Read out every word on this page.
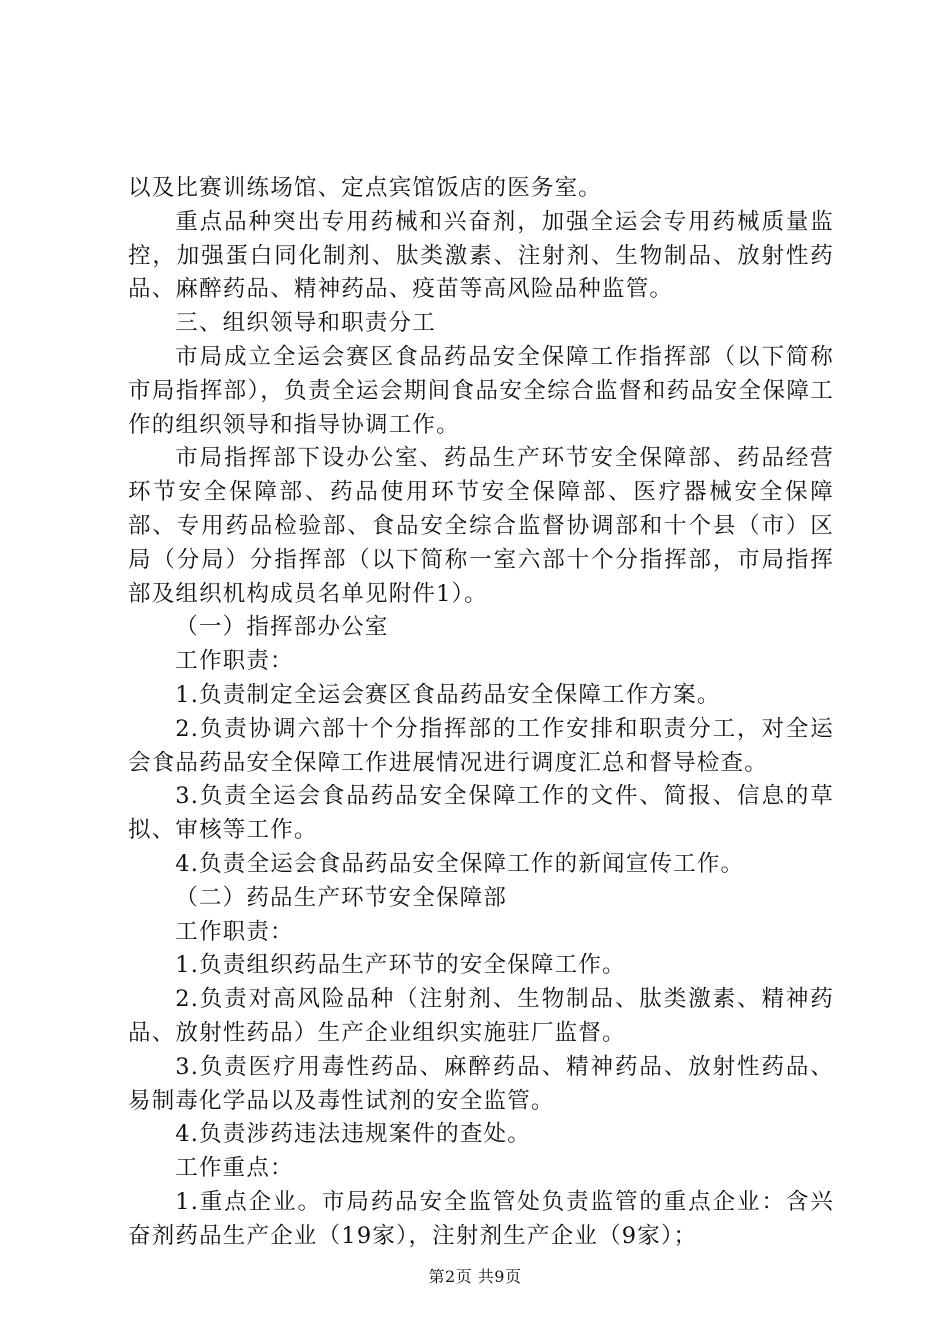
以及比赛训练场馆、定点宾馆饭店的医务室。

重点品种突出专用药械和兴奋剂，加强全运会专用药械质量监控，加强蛋白同化制剂、肽类激素、注射剂、生物制品、放射性药品、麻醉药品、精神药品、疫苗等高风险品种监管。

三、组织领导和职责分工

市局成立全运会赛区食品药品安全保障工作指挥部（以下简称市局指挥部），负责全运会期间食品安全综合监督和药品安全保障工作的组织领导和指导协调工作。

市局指挥部下设办公室、药品生产环节安全保障部、药品经营环节安全保障部、药品使用环节安全保障部、医疗器械安全保障部、专用药品检验部、食品安全综合监督协调部和十个县（市）区局（分局）分指挥部（以下简称一室六部十个分指挥部，市局指挥部及组织机构成员名单见附件1）。

（一）指挥部办公室

工作职责：

1.负责制定全运会赛区食品药品安全保障工作方案。

2.负责协调六部十个分指挥部的工作安排和职责分工，对全运会食品药品安全保障工作进展情况进行调度汇总和督导检查。

3.负责全运会食品药品安全保障工作的文件、简报、信息的草拟、审核等工作。

4.负责全运会食品药品安全保障工作的新闻宣传工作。

（二）药品生产环节安全保障部

工作职责：

1.负责组织药品生产环节的安全保障工作。

2.负责对高风险品种（注射剂、生物制品、肽类激素、精神药品、放射性药品）生产企业组织实施驻厂监督。

3.负责医疗用毒性药品、麻醉药品、精神药品、放射性药品、易制毒化学品以及毒性试剂的安全监管。

4.负责涉药违法违规案件的查处。

工作重点：

1.重点企业。市局药品安全监管处负责监管的重点企业：含兴奋剂药品生产企业（19家），注射剂生产企业（9家）；

第2页 共9页
